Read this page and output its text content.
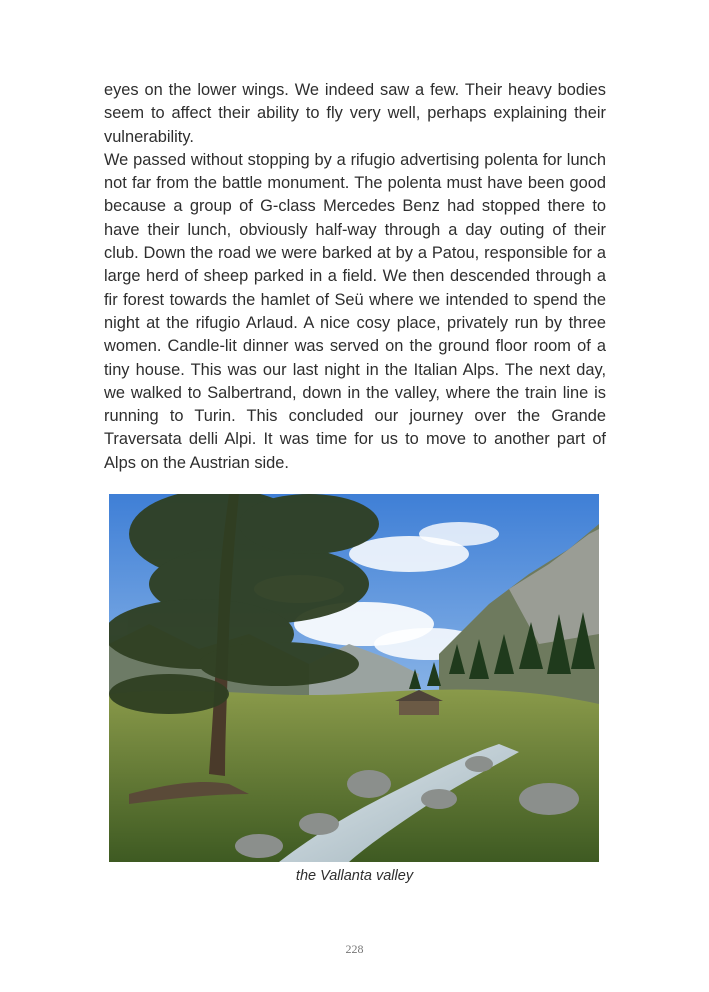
eyes on the lower wings. We indeed saw a few. Their heavy bodies seem to affect their ability to fly very well, perhaps explaining their vulnerability.

We passed without stopping by a rifugio advertising polenta for lunch not far from the battle monument. The polenta must have been good because a group of G-class Mercedes Benz had stopped there to have their lunch, obviously half-way through a day outing of their club. Down the road we were barked at by a Patou, responsible for a large herd of sheep parked in a field. We then descended through a fir forest towards the hamlet of Seü where we intended to spend the night at the rifugio Arlaud. A nice cosy place, privately run by three women. Candle-lit dinner was served on the ground floor room of a tiny house. This was our last night in the Italian Alps. The next day, we walked to Salbertrand, down in the valley, where the train line is running to Turin. This concluded our journey over the Grande Traversata delli Alpi. It was time for us to move to another part of Alps on the Austrian side.

the Vallanta valley
228
